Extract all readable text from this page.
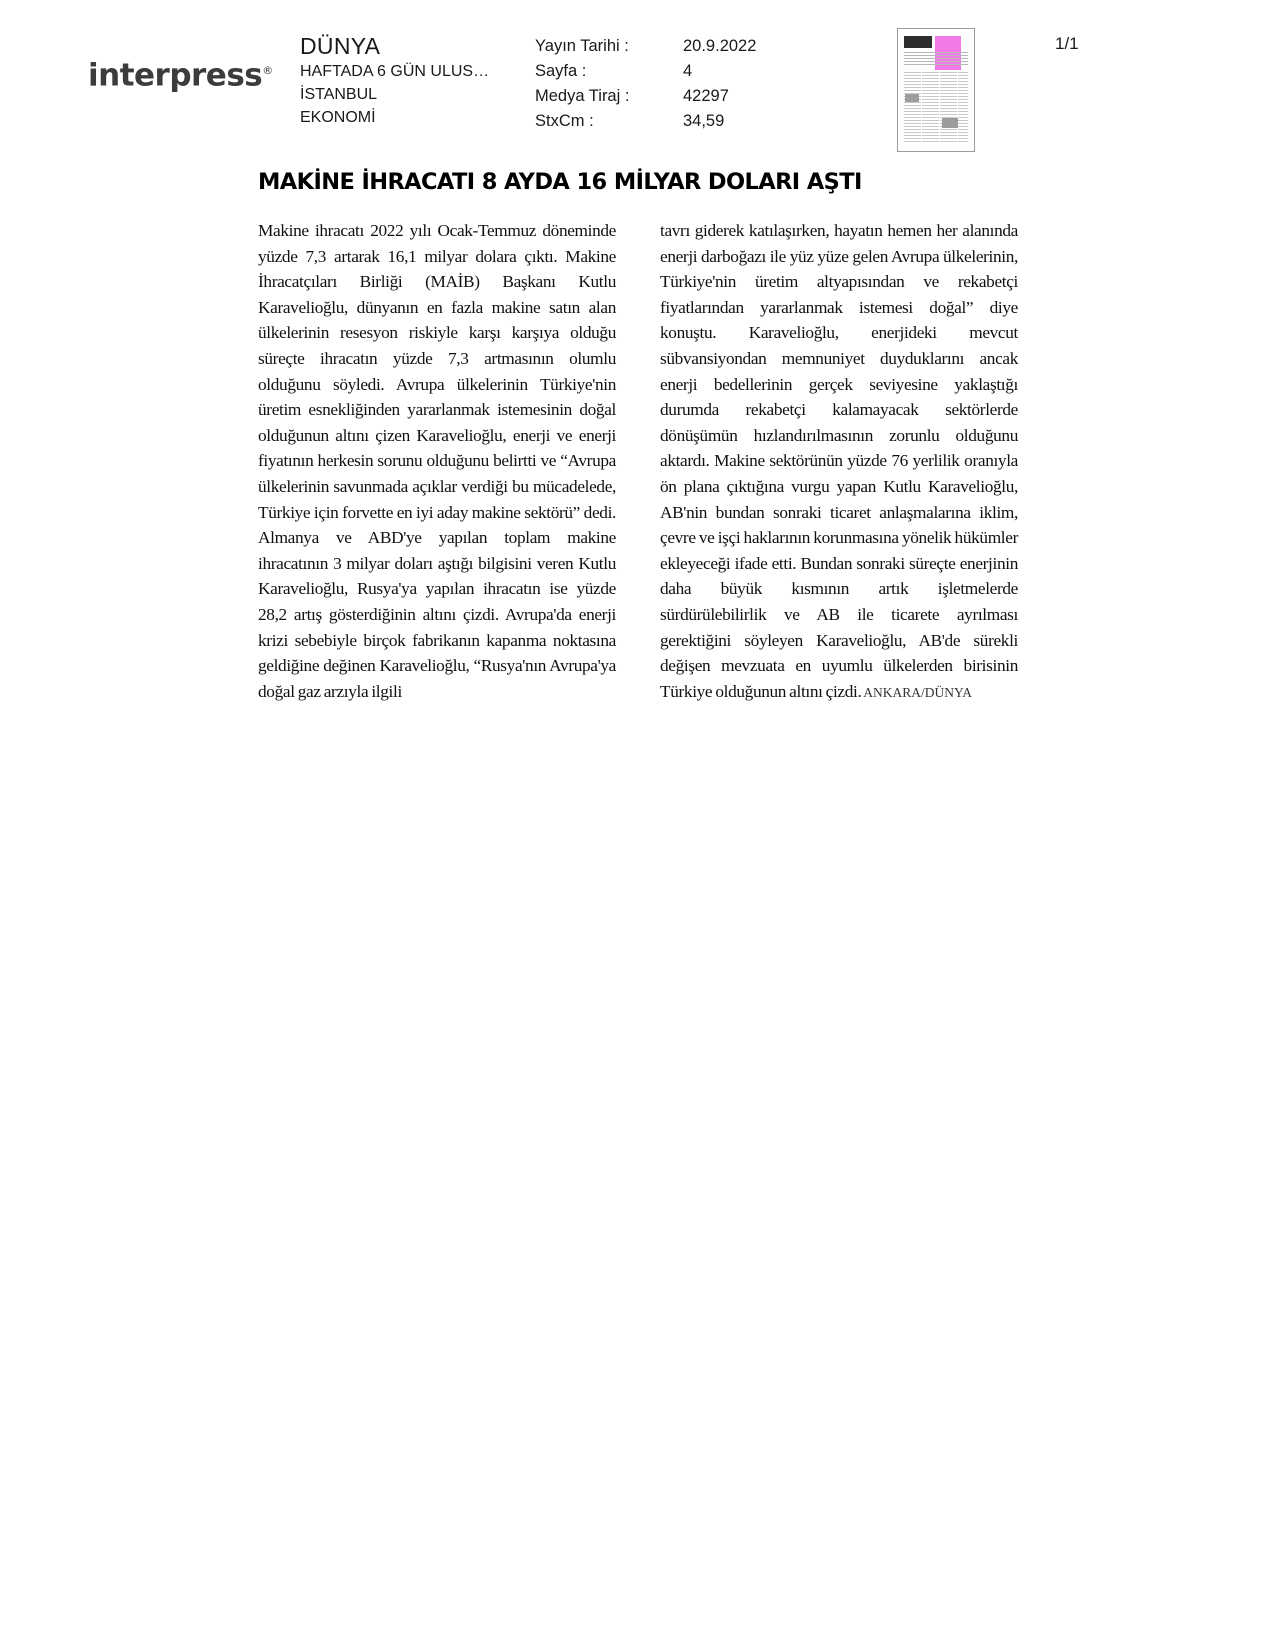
interpress®
DÜNYA
HAFTADA 6 GÜN ULUS…
İSTANBUL
EKONOMİ
Yayın Tarihi :	20.9.2022
Sayfa :	4
Medya Tiraj :	42297
StxCm :	34,59
1/1
MAKİNE İHRACATI 8 AYDA 16 MİLYAR DOLARI AŞTI

Makine ihracatı 2022 yılı Ocak-Temmuz döneminde yüzde 7,3 artarak 16,1 milyar dolara çıktı. Makine İhracatçıları Birliği (MAİB) Başkanı Kutlu Karavelioğlu, dünyanın en fazla makine satın alan ülkelerinin resesyon riskiyle karşı karşıya olduğu süreçte ihracatın yüzde 7,3 artmasının olumlu olduğunu söyledi. Avrupa ülkelerinin Türkiye'nin üretim esnekliğinden yararlanmak istemesinin doğal olduğunun altını çizen Karavelioğlu, enerji ve enerji fiyatının herkesin sorunu olduğunu belirtti ve “Avrupa ülkelerinin savunmada açıklar verdiği bu mücadelede, Türkiye için forvette en iyi aday makine sektörü” dedi. Almanya ve ABD'ye yapılan toplam makine ihracatının 3 milyar doları aştığı bilgisini veren Kutlu Karavelioğlu, Rusya'ya yapılan ihracatın ise yüzde 28,2 artış gösterdiğinin altını çizdi. Avrupa'da enerji krizi sebebiyle birçok fabrikanın kapanma noktasına geldiğine değinen Karavelioğlu, “Rusya'nın Avrupa'ya doğal gaz arzıyla ilgili

tavrı giderek katılaşırken, hayatın hemen her alanında enerji darboğazı ile yüz yüze gelen Avrupa ülkelerinin, Türkiye'nin üretim altyapısından ve rekabetçi fiyatlarından yararlanmak istemesi doğal” diye konuştu. Karavelioğlu, enerjideki mevcut sübvansiyondan memnuniyet duyduklarını ancak enerji bedellerinin gerçek seviyesine yaklaştığı durumda rekabetçi kalamayacak sektörlerde dönüşümün hızlandırılmasının zorunlu olduğunu aktardı. Makine sektörünün yüzde 76 yerlilik oranıyla ön plana çıktığına vurgu yapan Kutlu Karavelioğlu, AB'nin bundan sonraki ticaret anlaşmalarına iklim, çevre ve işçi haklarının korunmasına yönelik hükümler ekleyeceği ifade etti. Bundan sonraki süreçte enerjinin daha büyük kısmının artık işletmelerde sürdürülebilirlik ve AB ile ticarete ayrılması gerektiğini söyleyen Karavelioğlu, AB'de sürekli değişen mevzuata en uyumlu ülkelerden birisinin Türkiye olduğunun altını çizdi. ANKARA/DÜNYA
